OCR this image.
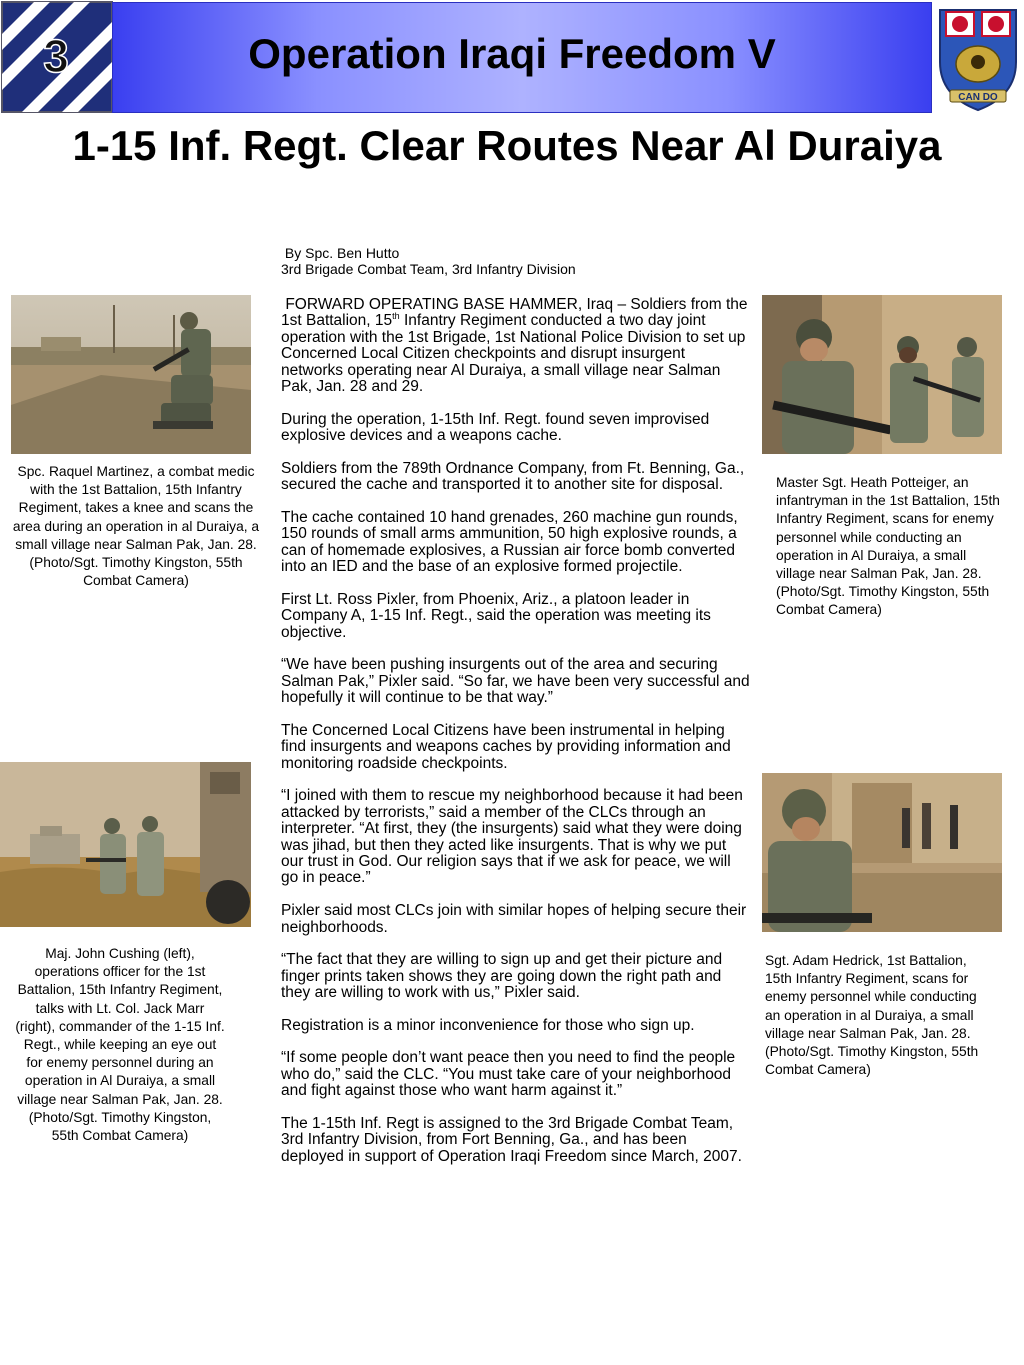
3	Operation Iraqi Freedom V
CAN DO
1-15 Inf. Regt. Clear Routes Near Al Duraiya
By Spc. Ben Hutto
3rd Brigade Combat Team, 3rd Infantry Division

FORWARD OPERATING BASE HAMMER, Iraq – Soldiers from the 1st Battalion, 15th Infantry Regiment conducted a two day joint operation with the 1st Brigade, 1st National Police Division to set up Concerned Local Citizen checkpoints and disrupt insurgent networks operating near Al Duraiya, a small village near Salman Pak, Jan. 28 and 29.

During the operation, 1-15th Inf. Regt. found seven improvised explosive devices and a weapons cache.

Soldiers from the 789th Ordnance Company, from Ft. Benning, Ga., secured the cache and transported it to another site for disposal.

The cache contained 10 hand grenades, 260 machine gun rounds, 150 rounds of small arms ammunition, 50 high explosive rounds, a can of homemade explosives, a Russian air force bomb converted into an IED and the base of an explosive formed projectile.

First Lt. Ross Pixler, from Phoenix, Ariz., a platoon leader in Company A, 1-15 Inf. Regt., said the operation was meeting its objective.

“We have been pushing insurgents out of the area and securing Salman Pak,” Pixler said. “So far, we have been very successful and hopefully it will continue to be that way.”

The Concerned Local Citizens have been instrumental in helping find insurgents and weapons caches by providing information and monitoring roadside checkpoints.

“I joined with them to rescue my neighborhood because it had been attacked by terrorists,” said a member of the CLCs through an interpreter. “At first, they (the insurgents) said what they were doing was jihad, but then they acted like insurgents. That is why we put our trust in God. Our religion says that if we ask for peace, we will go in peace.”

Pixler said most CLCs join with similar hopes of helping secure their neighborhoods.

“The fact that they are willing to sign up and get their picture and finger prints taken shows they are going down the right path and they are willing to work with us,” Pixler said.

Registration is a minor inconvenience for those who sign up.

“If some people don’t want peace then you need to find the people who do,” said the CLC. “You must take care of your neighborhood and fight against those who want harm against it.”

The 1-15th Inf. Regt is assigned to the 3rd Brigade Combat Team, 3rd Infantry Division, from Fort Benning, Ga., and has been deployed in support of Operation Iraqi Freedom since March, 2007.

Spc. Raquel Martinez, a combat medic with the 1st Battalion, 15th Infantry Regiment, takes a knee and scans the area during an operation in al Duraiya, a small village near Salman Pak, Jan. 28. (Photo/Sgt. Timothy Kingston, 55th Combat Camera)
Master Sgt. Heath Potteiger, an infantryman in the 1st Battalion, 15th Infantry Regiment, scans for enemy personnel while conducting an operation in Al Duraiya, a small village near Salman Pak, Jan. 28. (Photo/Sgt. Timothy Kingston, 55th Combat Camera)
Maj. John Cushing (left), operations officer for the 1st Battalion, 15th Infantry Regiment, talks with Lt. Col. Jack Marr (right), commander of the 1-15 Inf. Regt., while keeping an eye out for enemy personnel during an operation in Al Duraiya, a small village near Salman Pak, Jan. 28. (Photo/Sgt. Timothy Kingston, 55th Combat Camera)
Sgt. Adam Hedrick, 1st Battalion, 15th Infantry Regiment, scans for enemy personnel while conducting an operation in al Duraiya, a small village near Salman Pak, Jan. 28. (Photo/Sgt. Timothy Kingston, 55th Combat Camera)
